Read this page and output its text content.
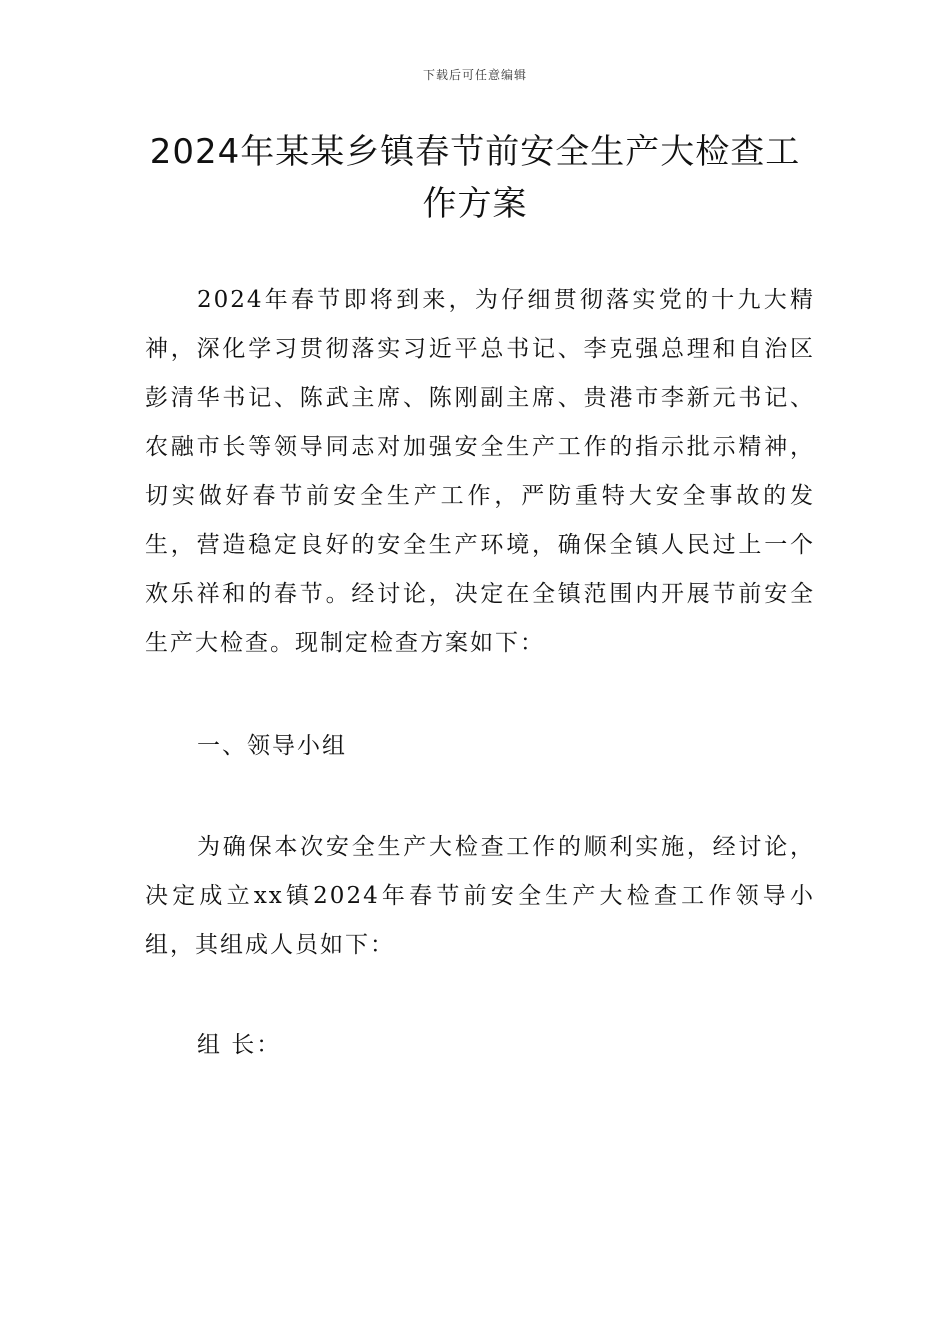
下载后可任意编辑
2024年某某乡镇春节前安全生产大检查工
作方案

2024年春节即将到来，为仔细贯彻落实党的十九大精神，深化学习贯彻落实习近平总书记、李克强总理和自治区彭清华书记、陈武主席、陈刚副主席、贵港市李新元书记、农融市长等领导同志对加强安全生产工作的指示批示精神，切实做好春节前安全生产工作，严防重特大安全事故的发生，营造稳定良好的安全生产环境，确保全镇人民过上一个欢乐祥和的春节。经讨论，决定在全镇范围内开展节前安全生产大检查。现制定检查方案如下：

一、领导小组

为确保本次安全生产大检查工作的顺利实施，经讨论，决定成立xx镇2024年春节前安全生产大检查工作领导小组，其组成人员如下：

组 长：
